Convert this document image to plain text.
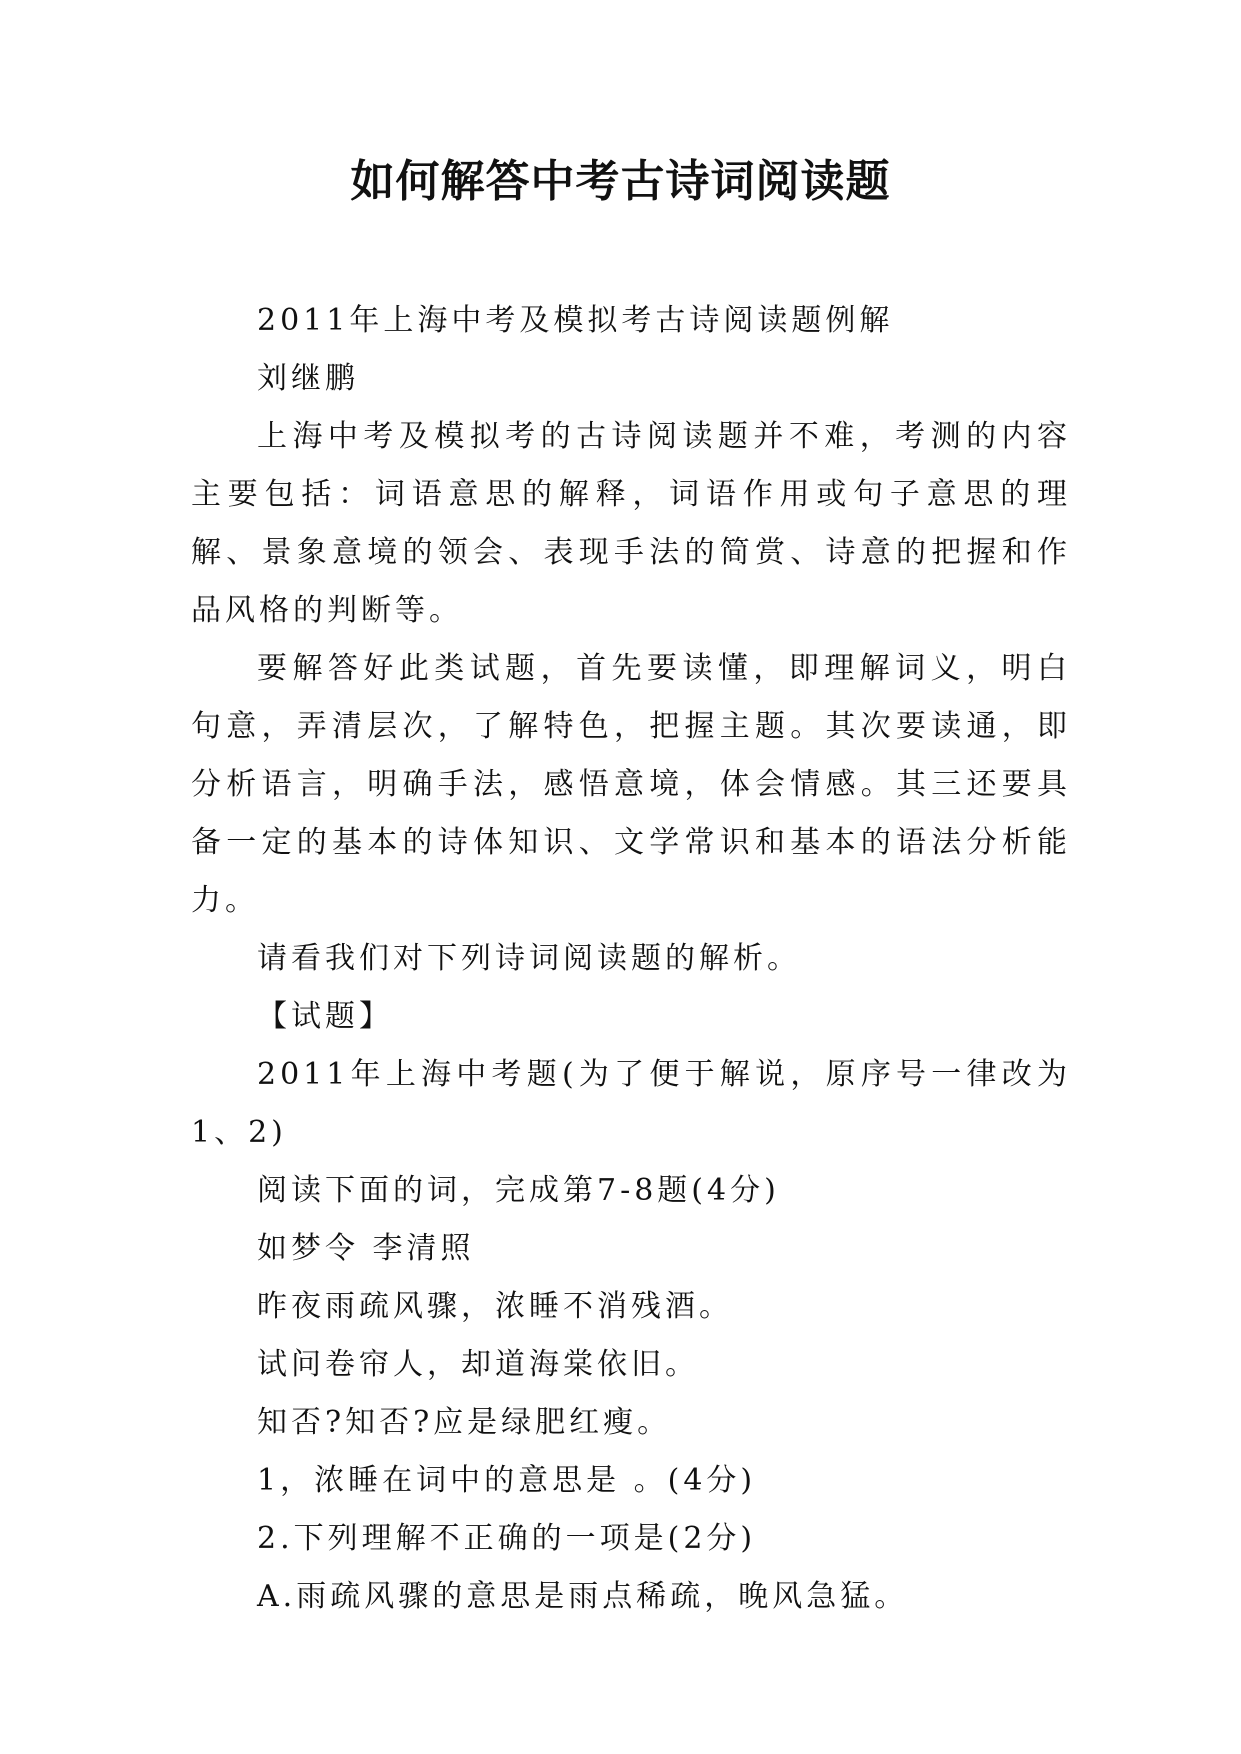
如何解答中考古诗词阅读题

2011年上海中考及模拟考古诗阅读题例解

刘继鹏

上海中考及模拟考的古诗阅读题并不难，考测的内容主要包括：词语意思的解释，词语作用或句子意思的理解、景象意境的领会、表现手法的简赏、诗意的把握和作品风格的判断等。

要解答好此类试题，首先要读懂，即理解词义，明白句意，弄清层次，了解特色，把握主题。其次要读通，即分析语言，明确手法，感悟意境，体会情感。其三还要具备一定的基本的诗体知识、文学常识和基本的语法分析能力。

请看我们对下列诗词阅读题的解析。

【试题】

2011年上海中考题(为了便于解说，原序号一律改为1、2)

阅读下面的词，完成第7-8题(4分)

如梦令 李清照

昨夜雨疏风骤，浓睡不消残酒。

试问卷帘人，却道海棠依旧。

知否?知否?应是绿肥红瘦。

1，浓睡在词中的意思是 。(4分)

2.下列理解不正确的一项是(2分)

A.雨疏风骤的意思是雨点稀疏，晚风急猛。
